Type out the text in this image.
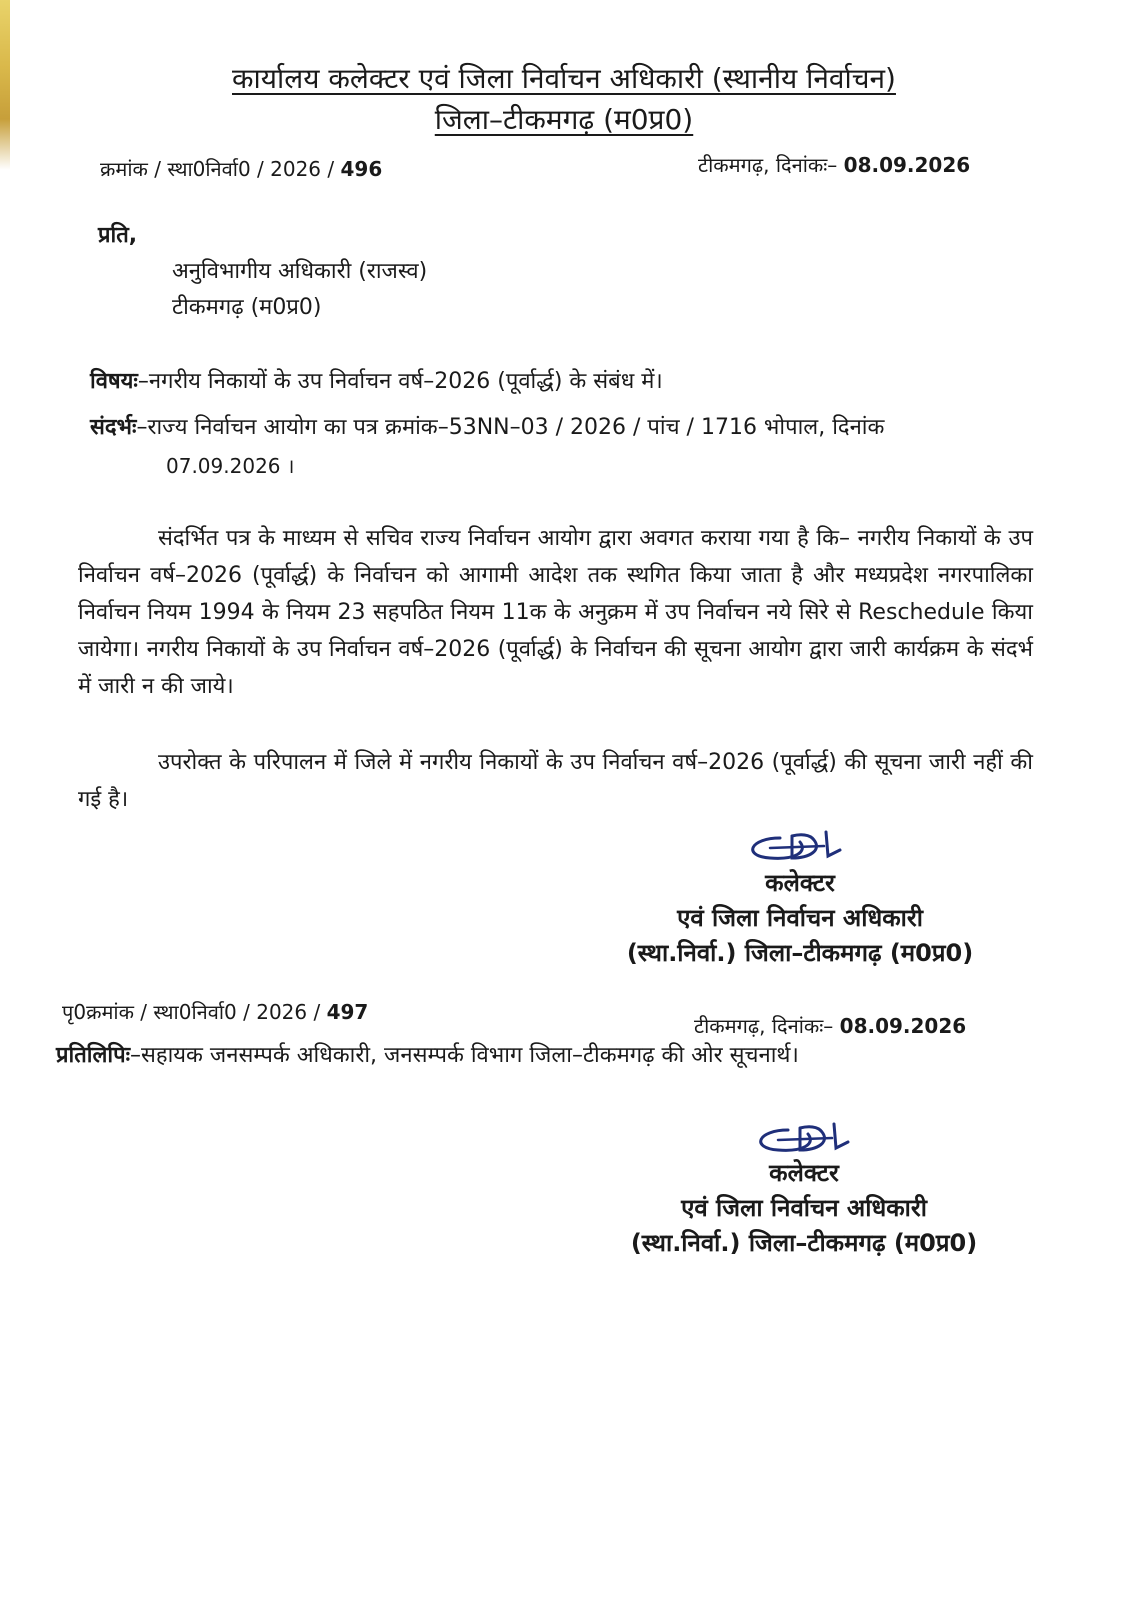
कार्यालय कलेक्टर एवं जिला निर्वाचन अधिकारी (स्थानीय निर्वाचन)
जिला–टीकमगढ़ (म0प्र0)
क्रमांक / स्था0निर्वा0 / 2026 / 496	टीकमगढ़, दिनांकः– 08.09.2026
प्रति,
अनुविभागीय अधिकारी (राजस्व)
टीकमगढ़ (म0प्र0)
विषयः–नगरीय निकायों के उप निर्वाचन वर्ष–2026 (पूर्वार्द्ध) के संबंध में।
संदर्भः–राज्य निर्वाचन आयोग का पत्र क्रमांक–53NN–03 / 2026 / पांच / 1716 भोपाल, दिनांक
07.09.2026 ।
संदर्भित पत्र के माध्यम से सचिव राज्य निर्वाचन आयोग द्वारा अवगत कराया गया है कि– नगरीय निकायों के उप निर्वाचन वर्ष–2026 (पूर्वार्द्ध) के निर्वाचन को आगामी आदेश तक स्थगित किया जाता है और मध्यप्रदेश नगरपालिका निर्वाचन नियम 1994 के नियम 23 सहपठित नियम 11क के अनुक्रम में उप निर्वाचन नये सिरे से Reschedule किया जायेगा। नगरीय निकायों के उप निर्वाचन वर्ष–2026 (पूर्वार्द्ध) के निर्वाचन की सूचना आयोग द्वारा जारी कार्यक्रम के संदर्भ में जारी न की जाये।
उपरोक्त के परिपालन में जिले में नगरीय निकायों के उप निर्वाचन वर्ष–2026 (पूर्वार्द्ध) की सूचना जारी नहीं की गई है।
कलेक्टर
एवं जिला निर्वाचन अधिकारी
(स्था.निर्वा.) जिला–टीकमगढ़ (म0प्र0)
पृ0क्रमांक / स्था0निर्वा0 / 2026 / 497
टीकमगढ़, दिनांकः– 08.09.2026
प्रतिलिपिः–सहायक जनसम्पर्क अधिकारी, जनसम्पर्क विभाग जिला–टीकमगढ़ की ओर सूचनार्थ।
कलेक्टर
एवं जिला निर्वाचन अधिकारी
(स्था.निर्वा.) जिला–टीकमगढ़ (म0प्र0)
